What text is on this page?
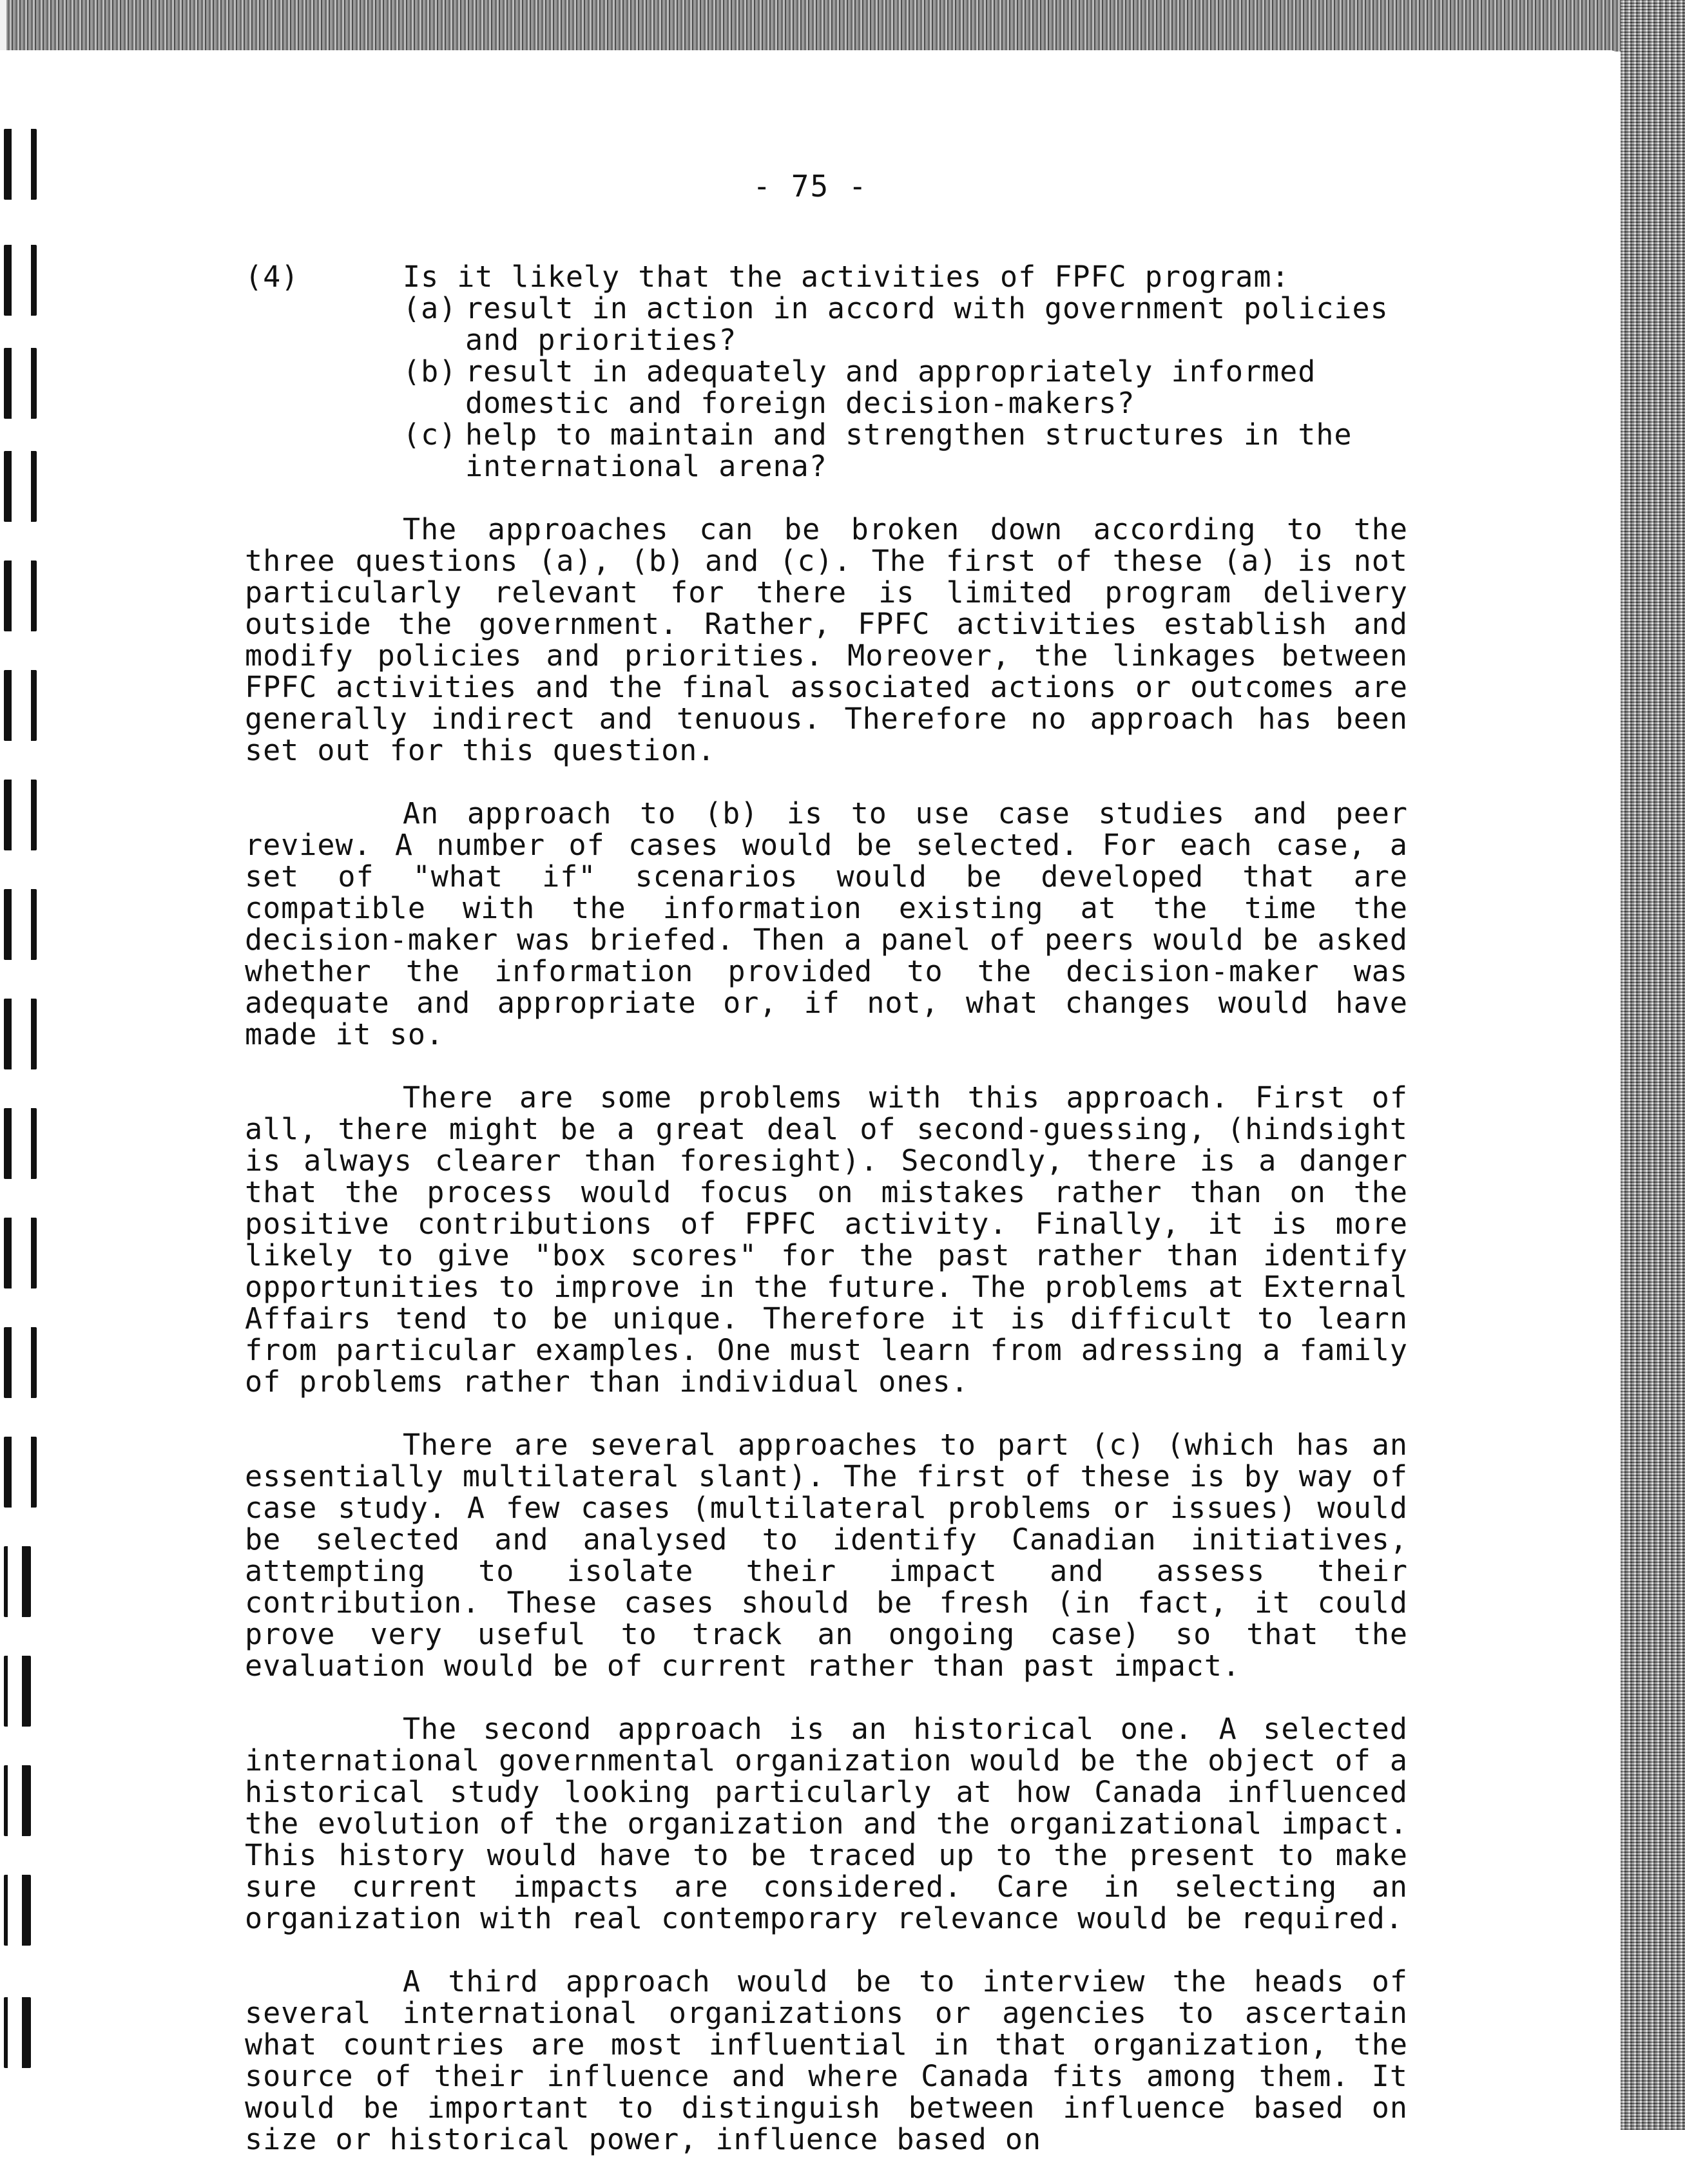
- 75 -
(4)	Is it likely that the activities of FPFC program:
(a) result in action in accord with government policies and priorities?
(b) result in adequately and appropriately informed domestic and foreign decision-makers?
(c) help to maintain and strengthen structures in the international arena?

The approaches can be broken down according to the three questions (a), (b) and (c). The first of these (a) is not particularly relevant for there is limited program delivery outside the government. Rather, FPFC activities establish and modify policies and priorities. Moreover, the linkages between FPFC activities and the final associated actions or outcomes are generally indirect and tenuous. Therefore no approach has been set out for this question.

An approach to (b) is to use case studies and peer review. A number of cases would be selected. For each case, a set of "what if" scenarios would be developed that are compatible with the information existing at the time the decision-maker was briefed. Then a panel of peers would be asked whether the information provided to the decision-maker was adequate and appropriate or, if not, what changes would have made it so.

There are some problems with this approach. First of all, there might be a great deal of second-guessing, (hindsight is always clearer than foresight). Secondly, there is a danger that the process would focus on mistakes rather than on the positive contributions of FPFC activity. Finally, it is more likely to give "box scores" for the past rather than identify opportunities to improve in the future. The problems at External Affairs tend to be unique. Therefore it is difficult to learn from particular examples. One must learn from adressing a family of problems rather than individual ones.

There are several approaches to part (c) (which has an essentially multilateral slant). The first of these is by way of case study. A few cases (multilateral problems or issues) would be selected and analysed to identify Canadian initiatives, attempting to isolate their impact and assess their contribution. These cases should be fresh (in fact, it could prove very useful to track an ongoing case) so that the evaluation would be of current rather than past impact.

The second approach is an historical one. A selected international governmental organization would be the object of a historical study looking particularly at how Canada influenced the evolution of the organization and the organizational impact. This history would have to be traced up to the present to make sure current impacts are considered. Care in selecting an organization with real contemporary relevance would be required.

A third approach would be to interview the heads of several international organizations or agencies to ascertain what countries are most influential in that organization, the source of their influence and where Canada fits among them. It would be important to distinguish between influence based on size or historical power, influence based on
